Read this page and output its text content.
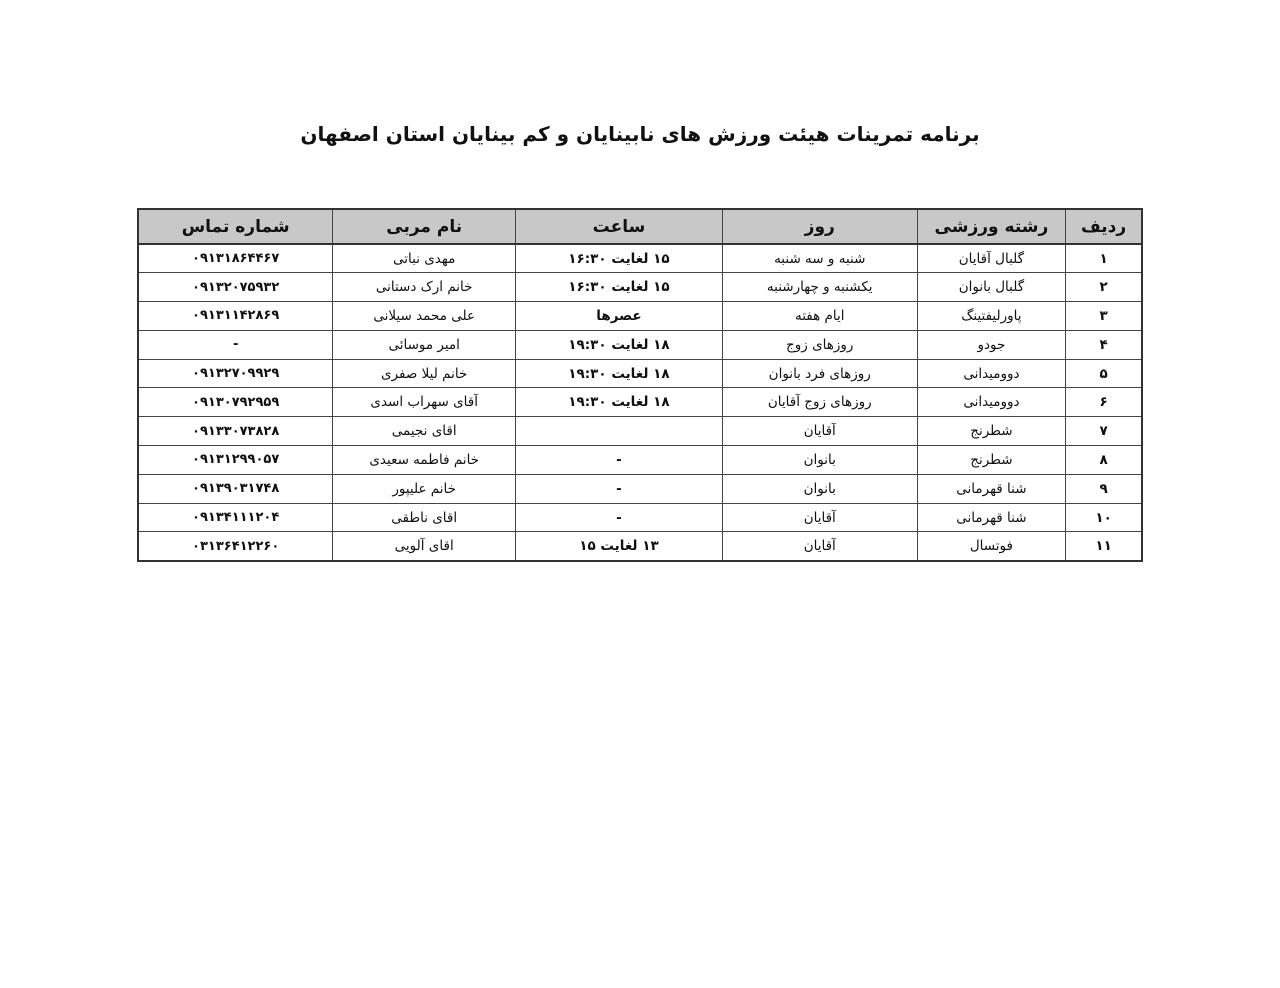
برنامه تمرینات هیئت ورزش های نابینایان و کم بینایان استان اصفهان
ردیف	رشته ورزشی	روز	ساعت	نام مربی	شماره تماس
۱	گلبال آقایان	شنبه و سه شنبه	۱۵ لغایت ۱۶:۳۰	مهدی نباتی	۰۹۱۳۱۸۶۴۴۶۷
۲	گلبال بانوان	یکشنبه و چهارشنبه	۱۵ لغایت ۱۶:۳۰	خانم ارک دستانی	۰۹۱۳۲۰۷۵۹۳۲
۳	پاورلیفتینگ	ایام هفته	عصرها	علی محمد سیلانی	۰۹۱۳۱۱۴۲۸۶۹
۴	جودو	روزهای زوج	۱۸ لغایت ۱۹:۳۰	امیر موسائی	-
۵	دوومیدانی	روزهای فرد بانوان	۱۸ لغایت ۱۹:۳۰	خانم لیلا صفری	۰۹۱۳۲۷۰۹۹۲۹
۶	دوومیدانی	روزهای زوج آقایان	۱۸ لغایت ۱۹:۳۰	آقای سهراب اسدی	۰۹۱۳۰۷۹۲۹۵۹
۷	شطرنج	آقایان		اقای نجیمی	۰۹۱۳۳۰۷۳۸۲۸
۸	شطرنج	بانوان	-	خانم فاطمه سعیدی	۰۹۱۳۱۲۹۹۰۵۷
۹	شنا قهرمانی	بانوان	-	خانم علیپور	۰۹۱۳۹۰۳۱۷۴۸
۱۰	شنا قهرمانی	آقایان	-	اقای ناطقی	۰۹۱۳۴۱۱۱۲۰۴
۱۱	فوتسال	آقایان	۱۳ لغایت ۱۵	اقای آلویی	۰۳۱۳۶۴۱۲۲۶۰
